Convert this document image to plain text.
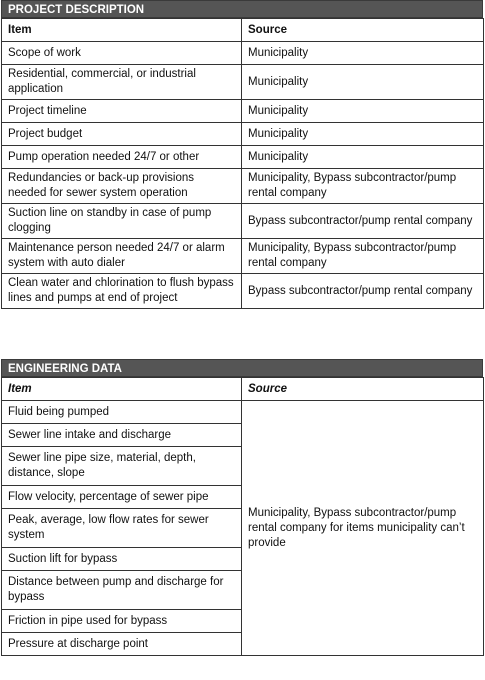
PROJECT DESCRIPTION
Item	Source
Scope of work	Municipality
Residential, commercial, or industrial application	Municipality
Project timeline	Municipality
Project budget	Municipality
Pump operation needed 24/7 or other	Municipality
Redundancies or back-up provisions needed for sewer system operation	Municipality, Bypass subcontractor/pump rental company
Suction line on standby in case of pump clogging	Bypass subcontractor/pump rental company
Maintenance person needed 24/7 or alarm system with auto dialer	Municipality, Bypass subcontractor/pump rental company
Clean water and chlorination to flush bypass lines and pumps at end of project	Bypass subcontractor/pump rental company
ENGINEERING DATA
Item	Source
Fluid being pumped	Municipality, Bypass subcontractor/pump rental company for items municipality can’t provide
Sewer line intake and discharge	
Sewer line pipe size, material, depth, distance, slope	
Flow velocity, percentage of sewer pipe	
Peak, average, low flow rates for sewer system	
Suction lift for bypass	
Distance between pump and discharge for bypass	
Friction in pipe used for bypass	
Pressure at discharge point	
